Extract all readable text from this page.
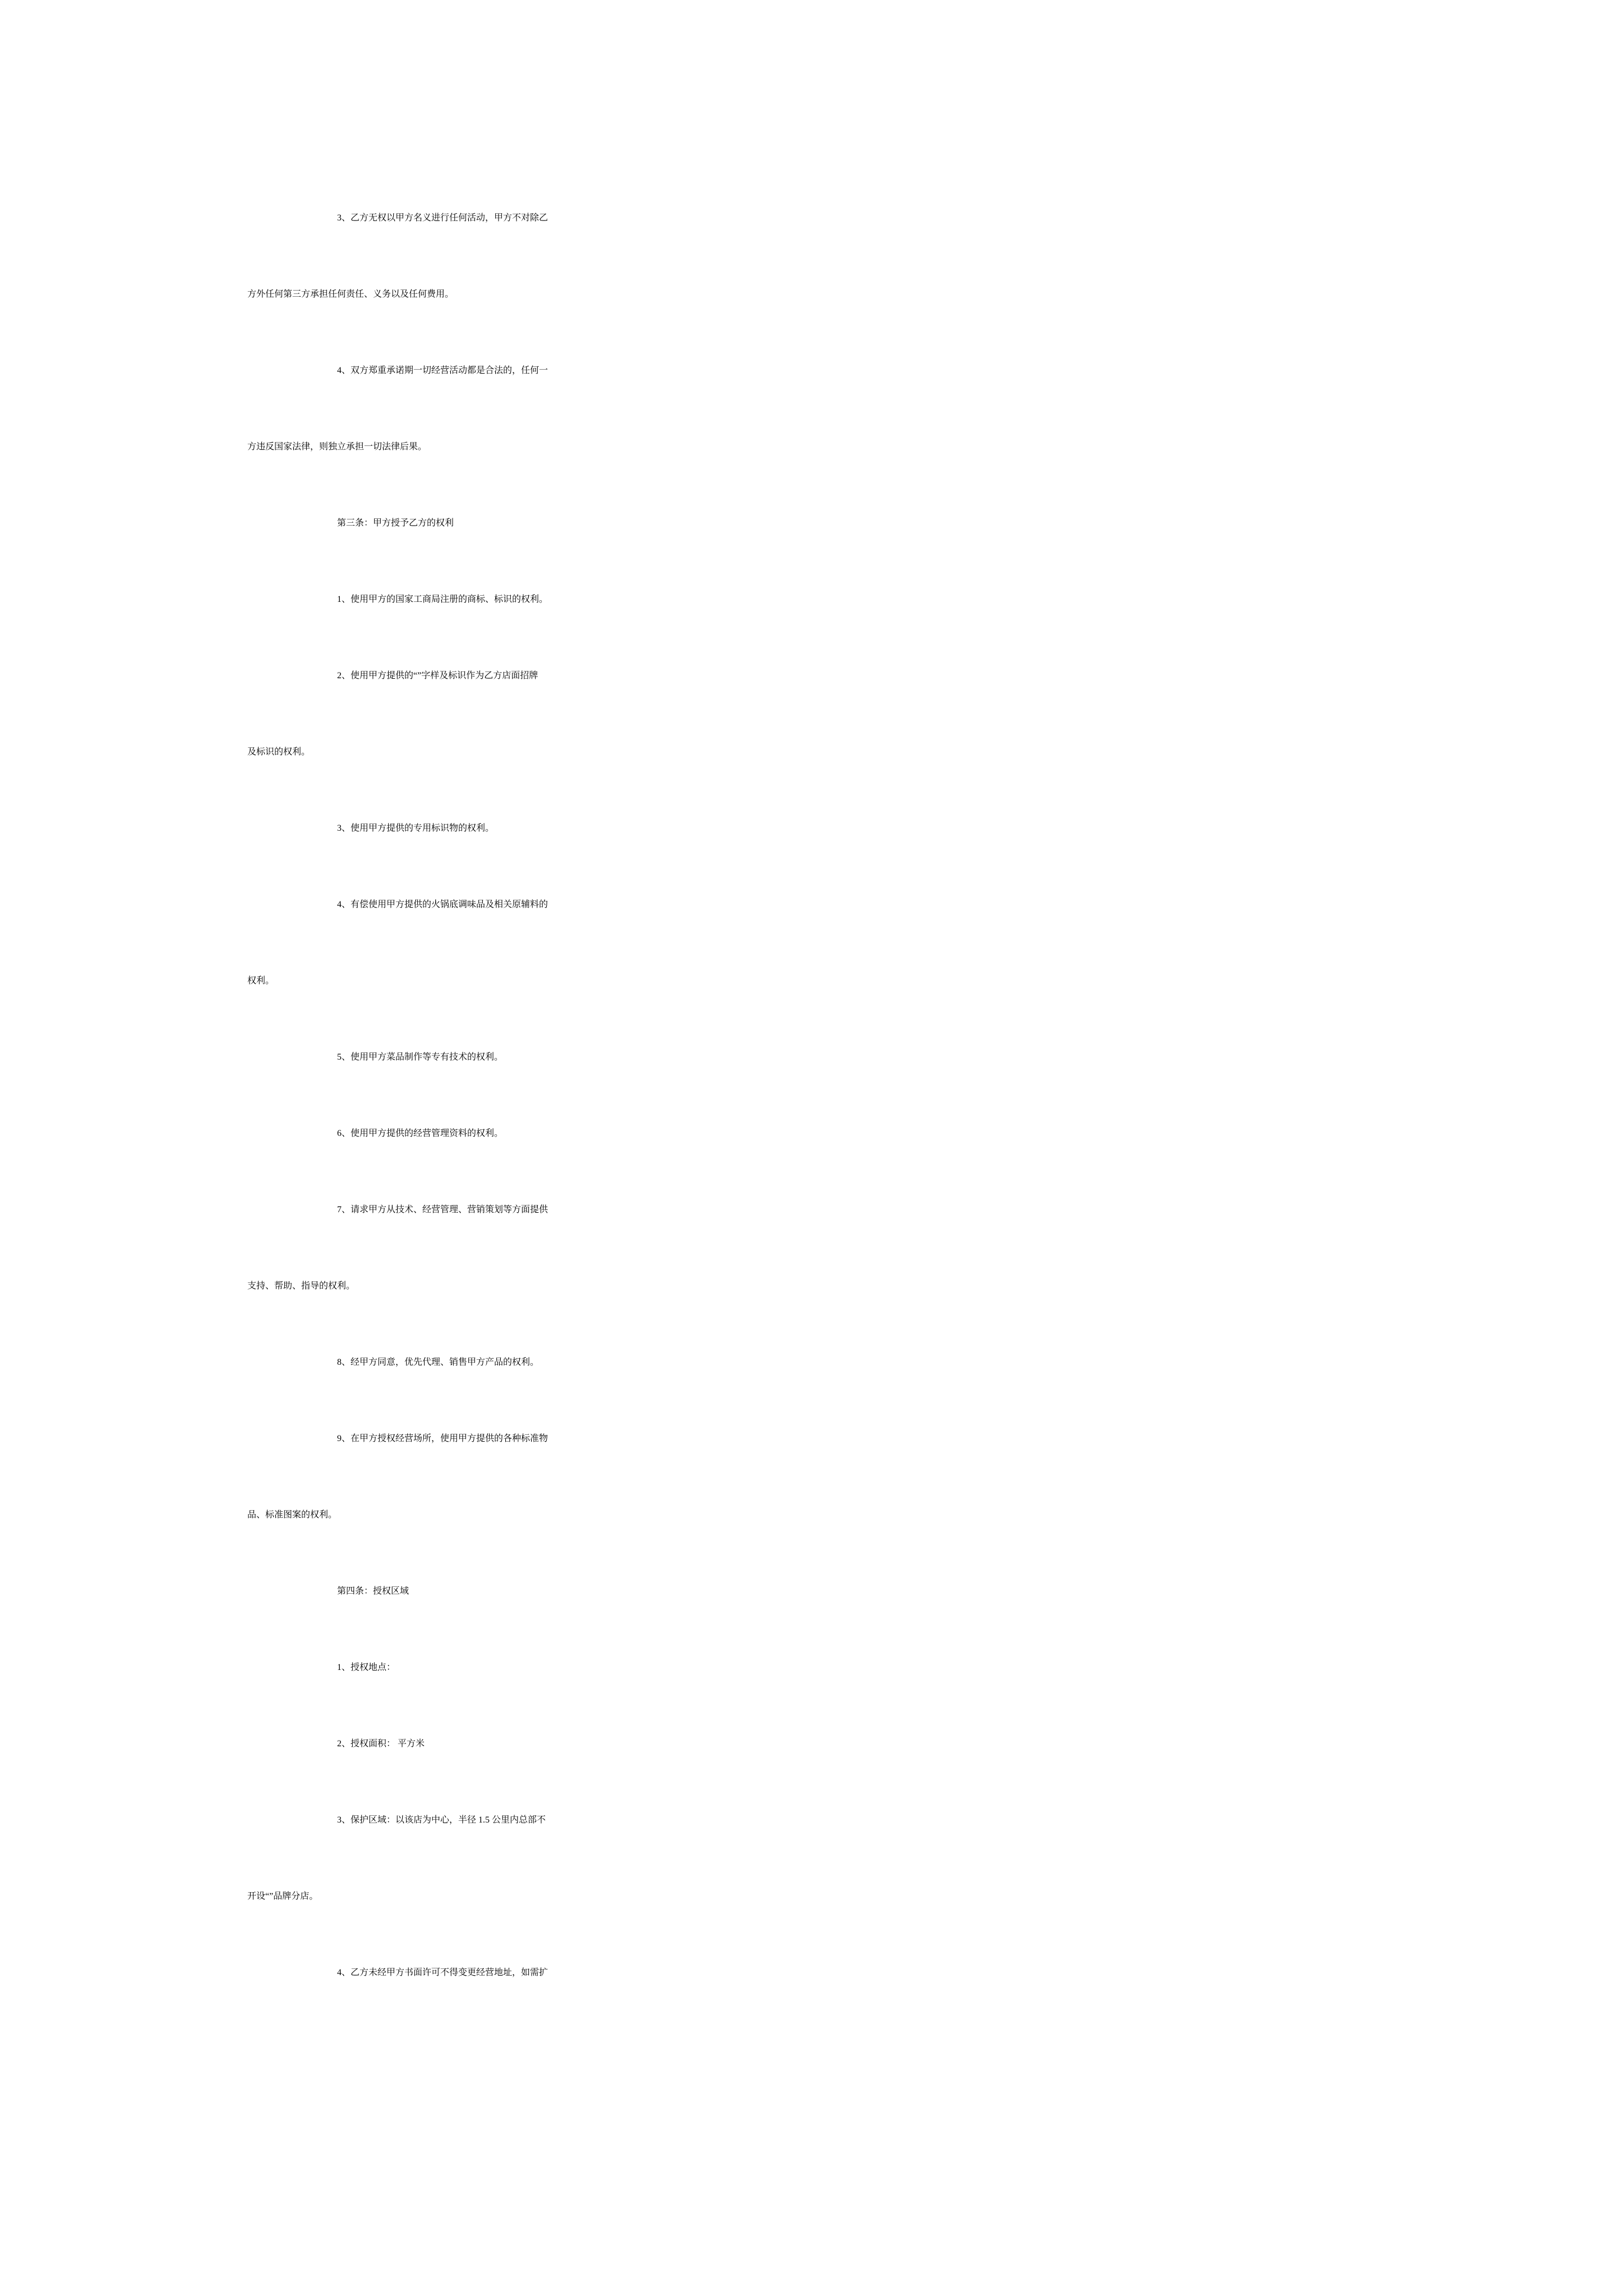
3、乙方无权以甲方名义进行任何活动，甲方不对除乙
方外任何第三方承担任何责任、义务以及任何费用。
4、双方郑重承诺期一切经营活动都是合法的，任何一
方违反国家法律，则独立承担一切法律后果。
第三条：甲方授予乙方的权利
1、使用甲方的国家工商局注册的商标、标识的权利。
2、使用甲方提供的“”字样及标识作为乙方店面招牌
及标识的权利。
3、使用甲方提供的专用标识物的权利。
4、有偿使用甲方提供的火锅底调味品及相关原辅料的
权利。
5、使用甲方菜品制作等专有技术的权利。
6、使用甲方提供的经营管理资料的权利。
7、请求甲方从技术、经营管理、营销策划等方面提供
支持、帮助、指导的权利。
8、经甲方同意，优先代理、销售甲方产品的权利。
9、在甲方授权经营场所，使用甲方提供的各种标准物
品、标准图案的权利。
第四条：授权区域
1、授权地点：
2、授权面积： 平方米
3、保护区域：以该店为中心，半径 1.5 公里内总部不
开设“”品牌分店。
4、乙方未经甲方书面许可不得变更经营地址，如需扩
